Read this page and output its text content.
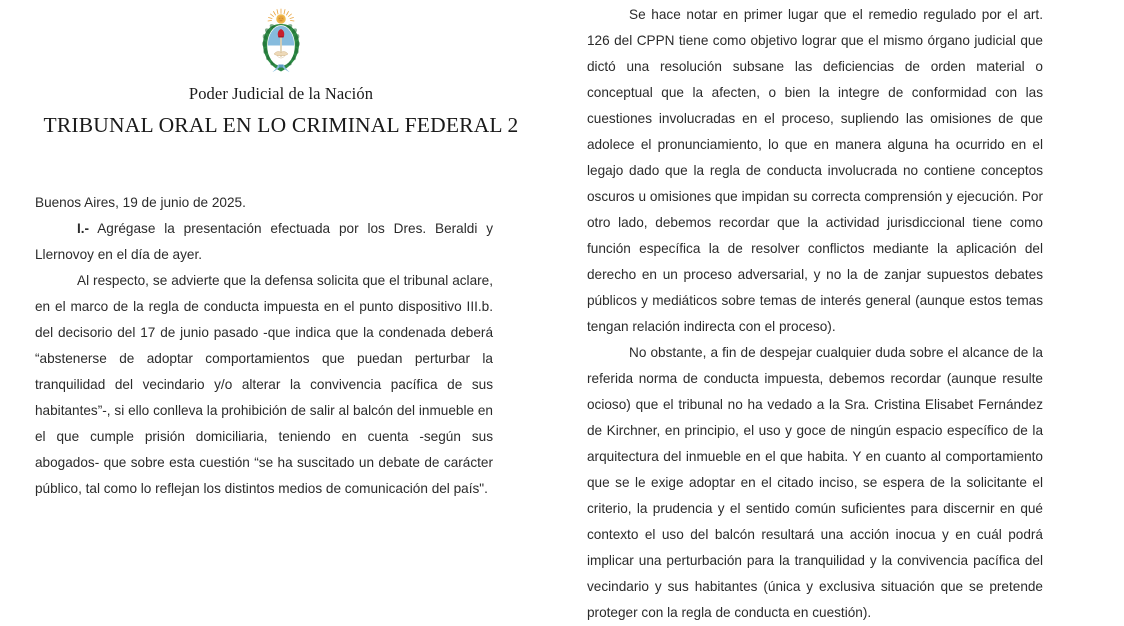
Poder Judicial de la Nación
TRIBUNAL ORAL EN LO CRIMINAL FEDERAL 2

Buenos Aires, 19 de junio de 2025.

I.- Agrégase la presentación efectuada por los Dres. Beraldi y Llernovoy en el día de ayer.

Al respecto, se advierte que la defensa solicita que el tribunal aclare, en el marco de la regla de conducta impuesta en el punto dispositivo III.b. del decisorio del 17 de junio pasado -que indica que la condenada deberá “abstenerse de adoptar comportamientos que puedan perturbar la tranquilidad del vecindario y/o alterar la convivencia pacífica de sus habitantes”-, si ello conlleva la prohibición de salir al balcón del inmueble en el que cumple prisión domiciliaria, teniendo en cuenta -según sus abogados- que sobre esta cuestión “se ha suscitado un debate de carácter público, tal como lo reflejan los distintos medios de comunicación del país".

Se hace notar en primer lugar que el remedio regulado por el art. 126 del CPPN tiene como objetivo lograr que el mismo órgano judicial que dictó una resolución subsane las deficiencias de orden material o conceptual que la afecten, o bien la integre de conformidad con las cuestiones involucradas en el proceso, supliendo las omisiones de que adolece el pronunciamiento, lo que en manera alguna ha ocurrido en el legajo dado que la regla de conducta involucrada no contiene conceptos oscuros u omisiones que impidan su correcta comprensión y ejecución. Por otro lado, debemos recordar que la actividad jurisdiccional tiene como función específica la de resolver conflictos mediante la aplicación del derecho en un proceso adversarial, y no la de zanjar supuestos debates públicos y mediáticos sobre temas de interés general (aunque estos temas tengan relación indirecta con el proceso).

No obstante, a fin de despejar cualquier duda sobre el alcance de la referida norma de conducta impuesta, debemos recordar (aunque resulte ocioso) que el tribunal no ha vedado a la Sra. Cristina Elisabet Fernández de Kirchner, en principio, el uso y goce de ningún espacio específico de la arquitectura del inmueble en el que habita. Y en cuanto al comportamiento que se le exige adoptar en el citado inciso, se espera de la solicitante el criterio, la prudencia y el sentido común suficientes para discernir en qué contexto el uso del balcón resultará una acción inocua y en cuál podrá implicar una perturbación para la tranquilidad y la convivencia pacífica del vecindario y sus habitantes (única y exclusiva situación que se pretende proteger con la regla de conducta en cuestión).
